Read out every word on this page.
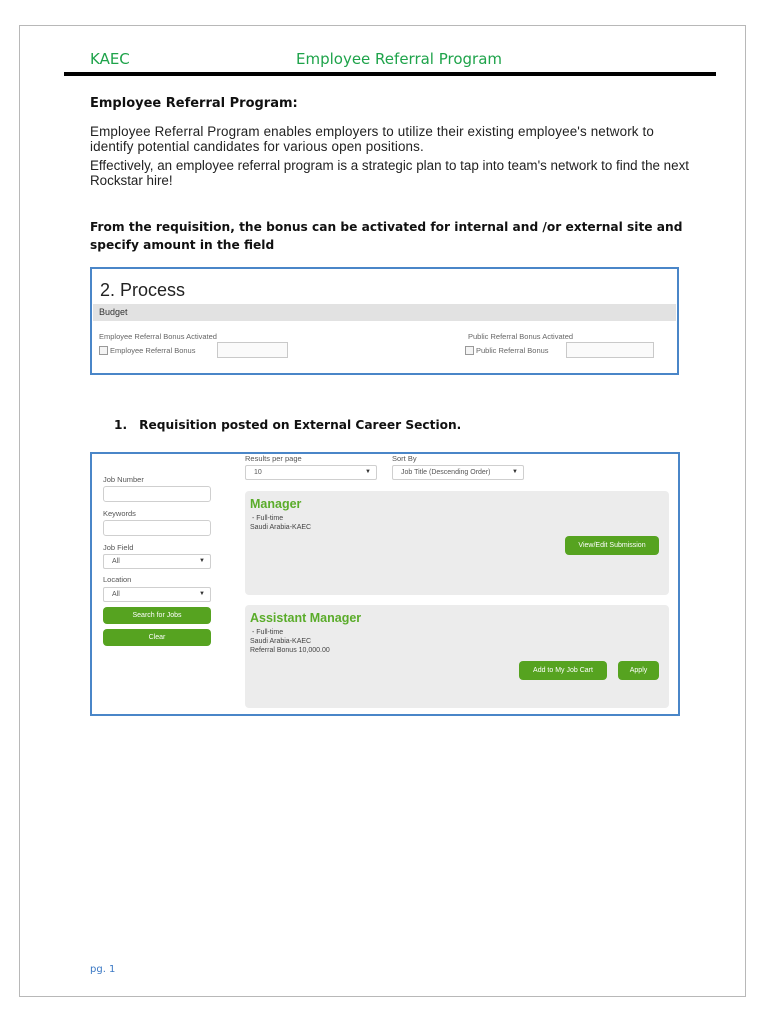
KAEC	Employee Referral Program
Employee Referral Program:
Employee Referral Program enables employers to utilize their existing employee's network to identify potential candidates for various open positions.
Effectively, an employee referral program is a strategic plan to tap into team's network to find the next Rockstar hire!
From the requisition, the bonus can be activated for internal and /or external site and specify amount in the field
2. Process
Budget
Employee Referral Bonus Activated
Employee Referral Bonus
Public Referral Bonus Activated
Public Referral Bonus
1. Requisition posted on External Career Section.
Results per page
10	▼
Sort By
Job Title (Descending Order)	▼
Job Number
Keywords
Job Field
All	▼
Location
All	▼
Search for Jobs
Clear
Manager
- Full-time
Saudi Arabia-KAEC
View/Edit Submission
Assistant Manager
- Full-time
Saudi Arabia-KAEC
Referral Bonus 10,000.00
Add to My Job Cart	Apply
pg. 1
